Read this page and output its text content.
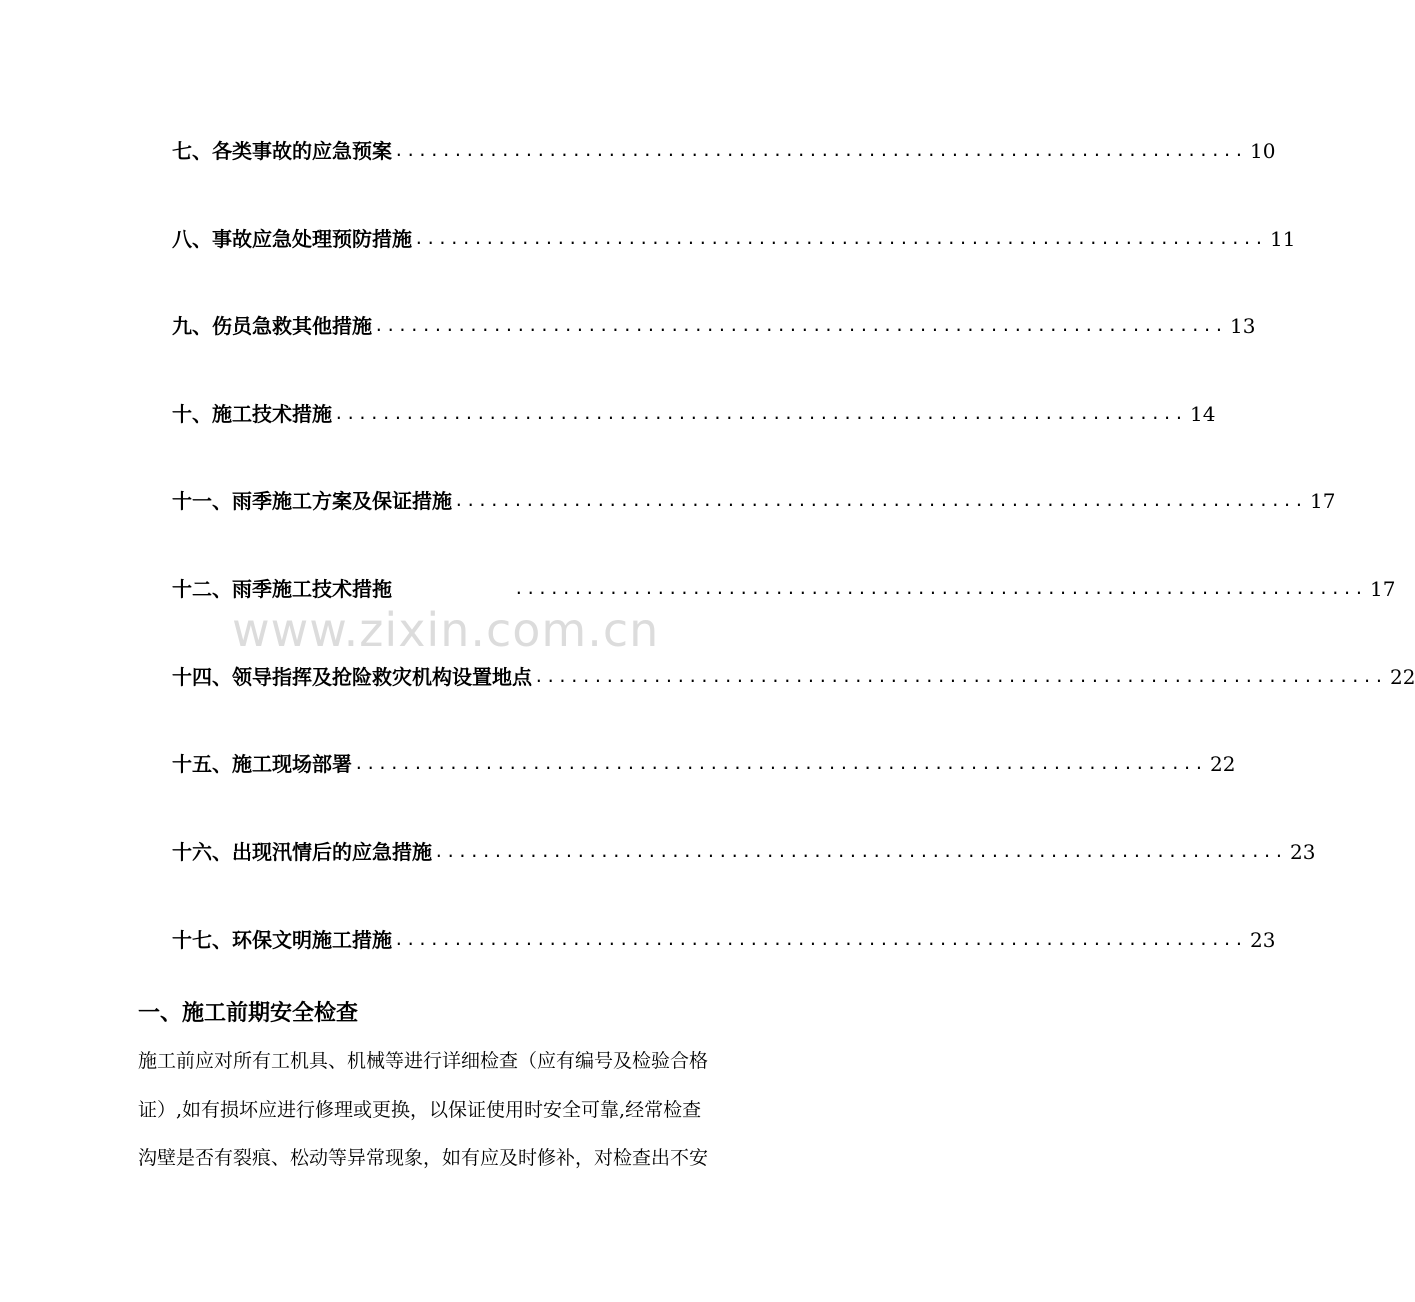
七、各类事故的应急预案 ........................................................................ 10
八、事故应急处理预防措施 ........................................................................ 11
九、伤员急救其他措施 ........................................................................ 13
十、施工技术措施 ........................................................................ 14
十一、雨季施工方案及保证措施 ........................................................................ 17
十二、雨季施工技术措拖	........................................................................ 17
十四、领导指挥及抢险救灾机构设置地点 ........................................................................ 22
十五、施工现场部署 ........................................................................ 22
十六、出现汛情后的应急措施 ........................................................................ 23
十七、环保文明施工措施 ........................................................................ 23
www.zixin.com.cn
一、施工前期安全检查
施工前应对所有工机具、机械等进行详细检查（应有编号及检验合格
证）,如有损坏应进行修理或更换，以保证使用时安全可靠,经常检查
沟壁是否有裂痕、松动等异常现象，如有应及时修补，对检查出不安
